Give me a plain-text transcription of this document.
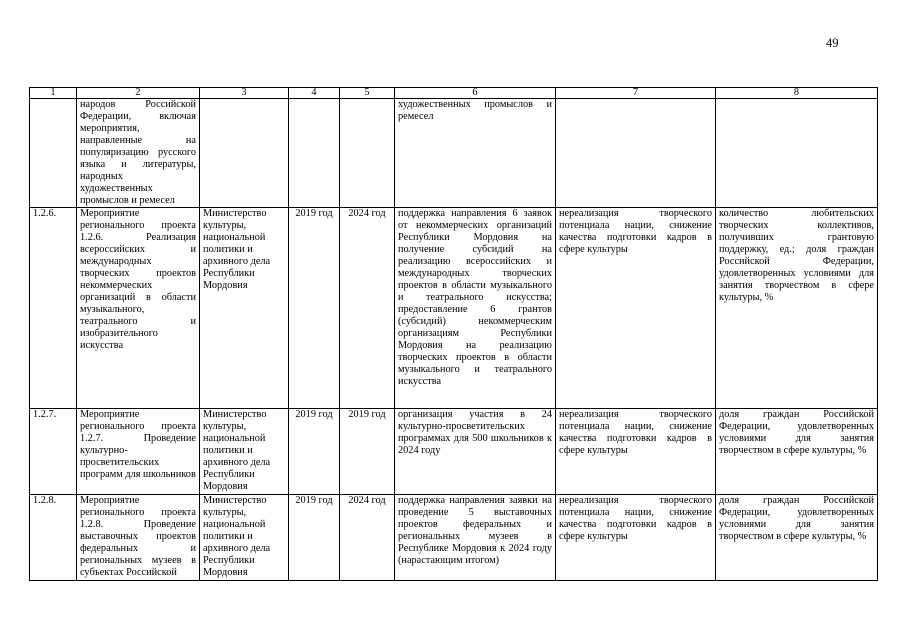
49
1	2	3	4	5	6	7	8
	народов Российской Федерации, включая мероприятия, направленные на популяризацию русского языка и литературы, народных художественных промыслов и ремесел				художественных промыслов и ремесел		
1.2.6.	Мероприятие регионального проекта 1.2.6. Реализация всероссийских и международных творческих проектов некоммерческих организаций в области музыкального, театрального и изобразительного искусства	Министерство культуры, национальной политики и архивного дела Республики Мордовия	2019 год	2024 год	поддержка направления 6 заявок от некоммерческих организаций Республики Мордовия на получение субсидий на реализацию всероссийских и международных творческих проектов в области музыкального и театрального искусства; предоставление 6 грантов (субсидий) некоммерческим организациям Республики Мордовия на реализацию творческих проектов в области музыкального и театрального искусства	нереализация творческого потенциала нации, снижение качества подготовки кадров в сфере культуры	количество любительских творческих коллективов, получивших грантовую поддержку, ед.; доля граждан Российской Федерации, удовлетворенных условиями для занятия творчеством в сфере культуры, %
1.2.7.	Мероприятие регионального проекта 1.2.7. Проведение культурно-просветительских программ для школьников	Министерство культуры, национальной политики и архивного дела Республики Мордовия	2019 год	2019 год	организация участия в 24 культурно-просветительских программах для 500 школьников к 2024 году	нереализация творческого потенциала нации, снижение качества подготовки кадров в сфере культуры	доля граждан Российской Федерации, удовлетворенных условиями для занятия творчеством в сфере культуры, %
1.2.8.	Мероприятие регионального проекта 1.2.8. Проведение выставочных проектов федеральных и региональных музеев в субъектах Российской	Министерство культуры, национальной политики и архивного дела Республики Мордовия	2019 год	2024 год	поддержка направления заявки на проведение 5 выставочных проектов федеральных и региональных музеев в Республике Мордовия к 2024 году (нарастающим итогом)	нереализация творческого потенциала нации, снижение качества подготовки кадров в сфере культуры	доля граждан Российской Федерации, удовлетворенных условиями для занятия творчеством в сфере культуры, %
